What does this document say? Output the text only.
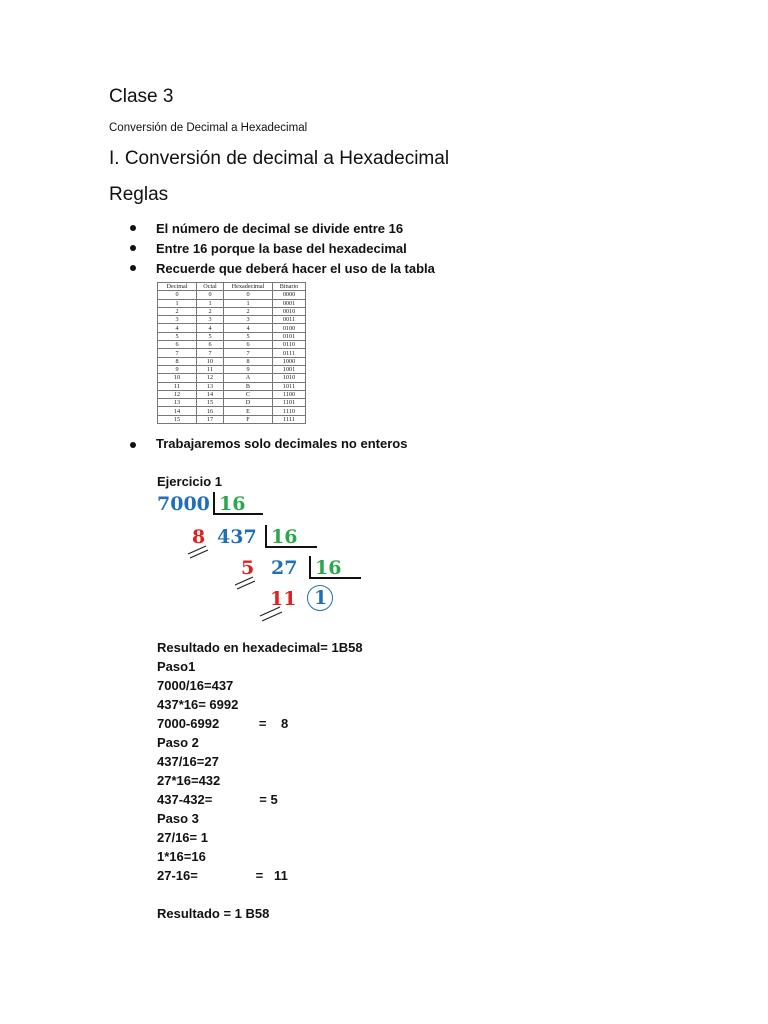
Clase 3
Conversión de Decimal a Hexadecimal
I. Conversión de decimal a Hexadecimal
Reglas
El número de decimal se divide entre 16
Entre 16 porque la base del hexadecimal
Recuerde que deberá hacer el uso de la tabla
Decimal	Octal	Hexadecimal	Binario
0	0	0	0000
1	1	1	0001
2	2	2	0010
3	3	3	0011
4	4	4	0100
5	5	5	0101
6	6	6	0110
7	7	7	0111
8	10	8	1000
9	11	9	1001
10	12	A	1010
11	13	B	1011
12	14	C	1100
13	15	D	1101
14	16	E	1110
15	17	F	1111
Trabajaremos solo decimales no enteros
Ejercicio 1
7000 16
8 437 16
5 27 16
11 1
Resultado en hexadecimal= 1B58
Paso1
7000/16=437
437*16= 6992
7000-6992           =    8
Paso 2
437/16=27
27*16=432
437-432=             = 5
Paso 3
27/16= 1
1*16=16
27-16=                =   11
Resultado = 1 B58
